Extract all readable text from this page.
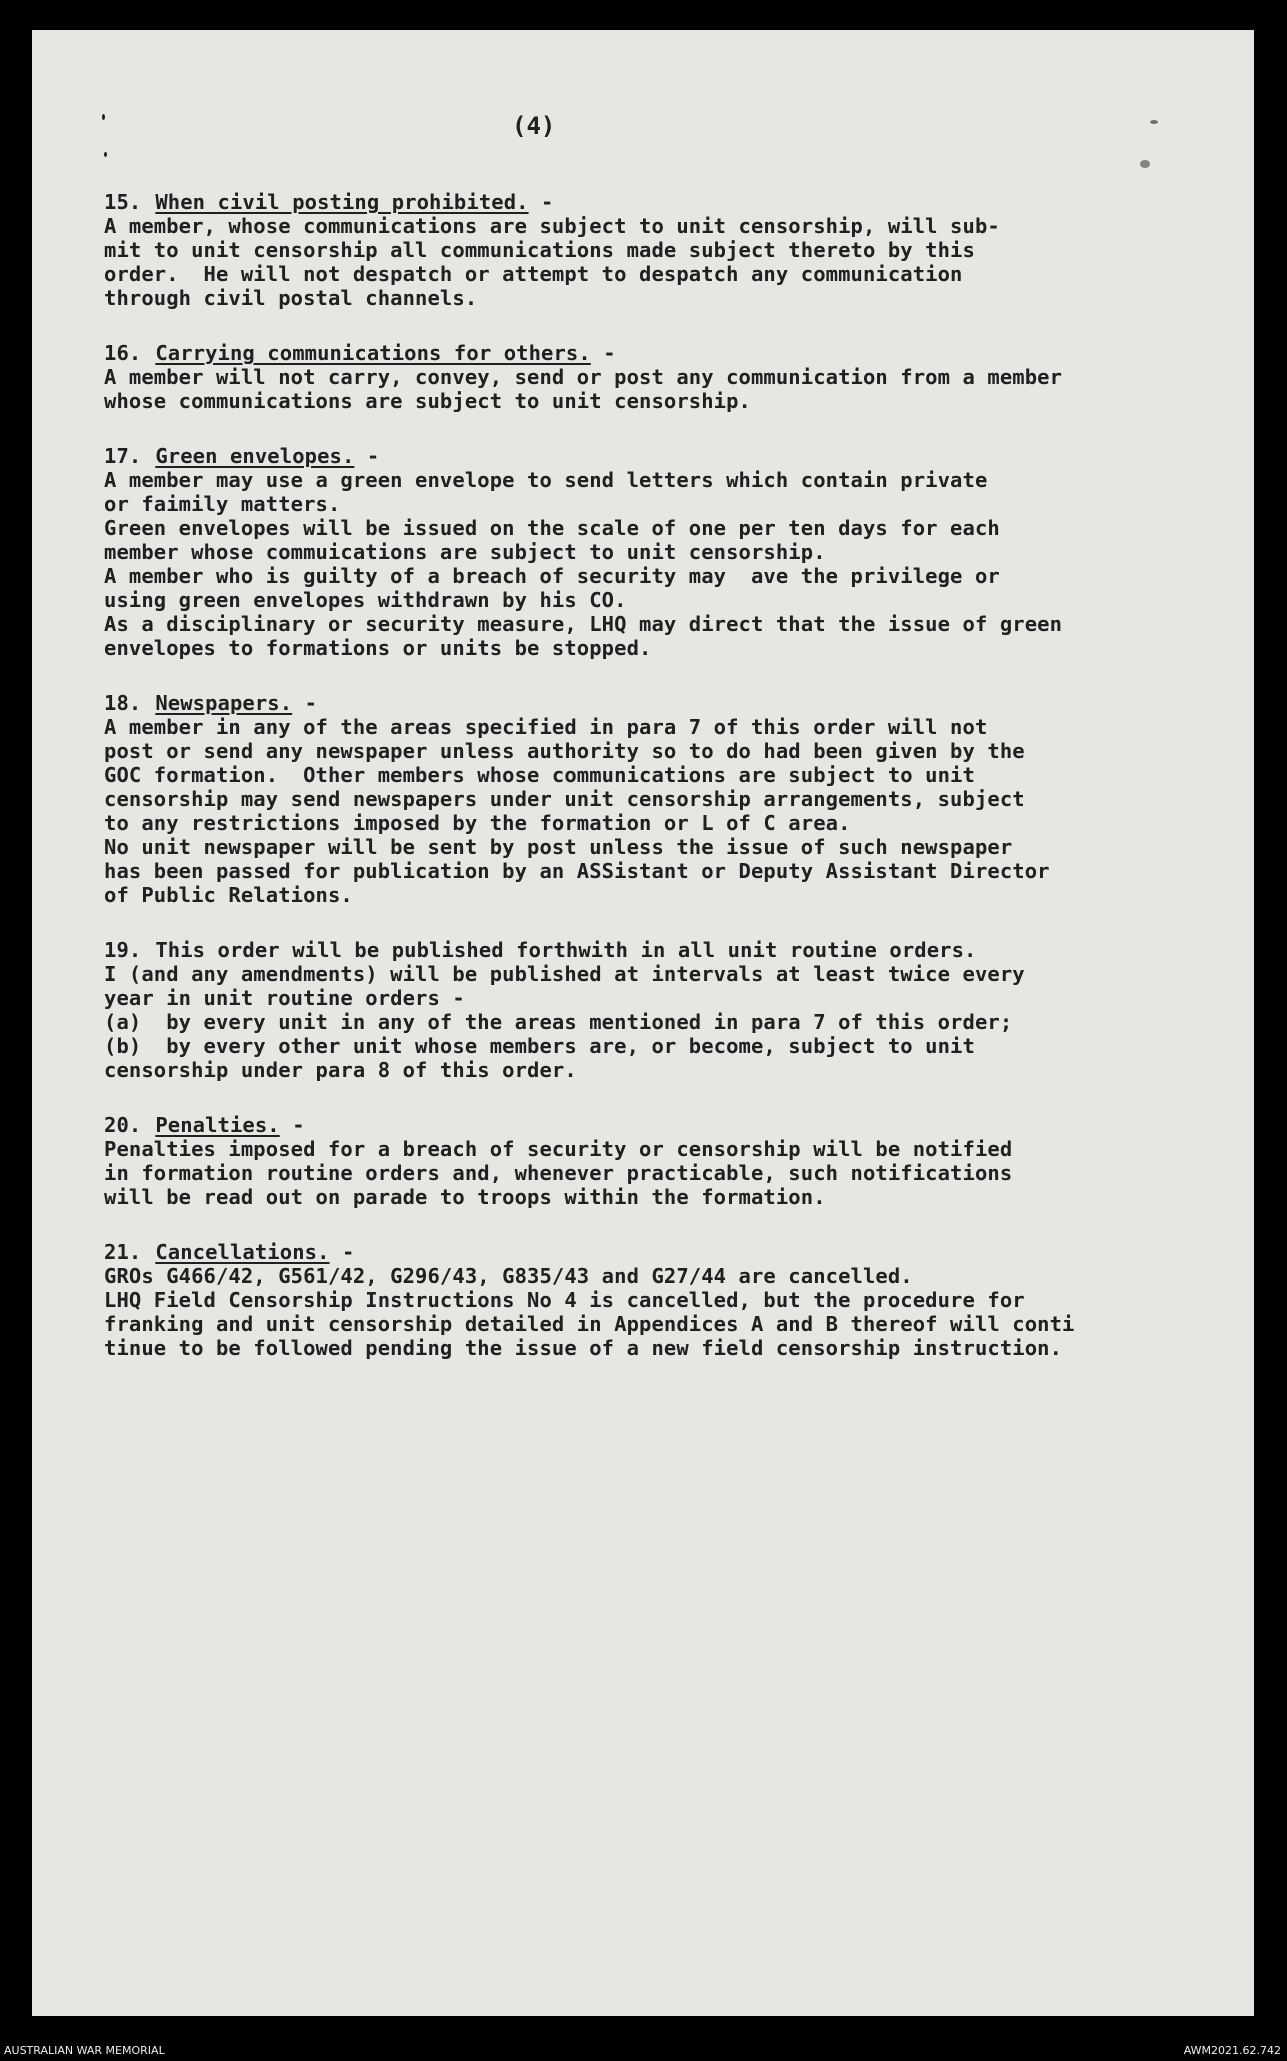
(4)
15. When civil posting prohibited. -
A member, whose communications are subject to unit censorship, will sub-
mit to unit censorship all communications made subject thereto by this
order.  He will not despatch or attempt to despatch any communication
through civil postal channels.
16. Carrying communications for others. -
A member will not carry, convey, send or post any communication from a member
whose communications are subject to unit censorship.
17. Green envelopes. -
A member may use a green envelope to send letters which contain private
or faimily matters.
Green envelopes will be issued on the scale of one per ten days for each
member whose commuications are subject to unit censorship.
A member who is guilty of a breach of security may  ave the privilege or
using green envelopes withdrawn by his CO.
As a disciplinary or security measure, LHQ may direct that the issue of green
envelopes to formations or units be stopped.
18. Newspapers. -
A member in any of the areas specified in para 7 of this order will not
post or send any newspaper unless authority so to do had been given by the
GOC formation.  Other members whose communications are subject to unit
censorship may send newspapers under unit censorship arrangements, subject
to any restrictions imposed by the formation or L of C area.
No unit newspaper will be sent by post unless the issue of such newspaper
has been passed for publication by an ASSistant or Deputy Assistant Director
of Public Relations.
19. This order will be published forthwith in all unit routine orders.
I (and any amendments) will be published at intervals at least twice every
year in unit routine orders -
(a)  by every unit in any of the areas mentioned in para 7 of this order;
(b)  by every other unit whose members are, or become, subject to unit
censorship under para 8 of this order.
20. Penalties. -
Penalties imposed for a breach of security or censorship will be notified
in formation routine orders and, whenever practicable, such notifications
will be read out on parade to troops within the formation.
21. Cancellations. -
GROs G466/42, G561/42, G296/43, G835/43 and G27/44 are cancelled.
LHQ Field Censorship Instructions No 4 is cancelled, but the procedure for
franking and unit censorship detailed in Appendices A and B thereof will conti
tinue to be followed pending the issue of a new field censorship instruction.
AUSTRALIAN WAR MEMORIAL	AWM2021.62.742
